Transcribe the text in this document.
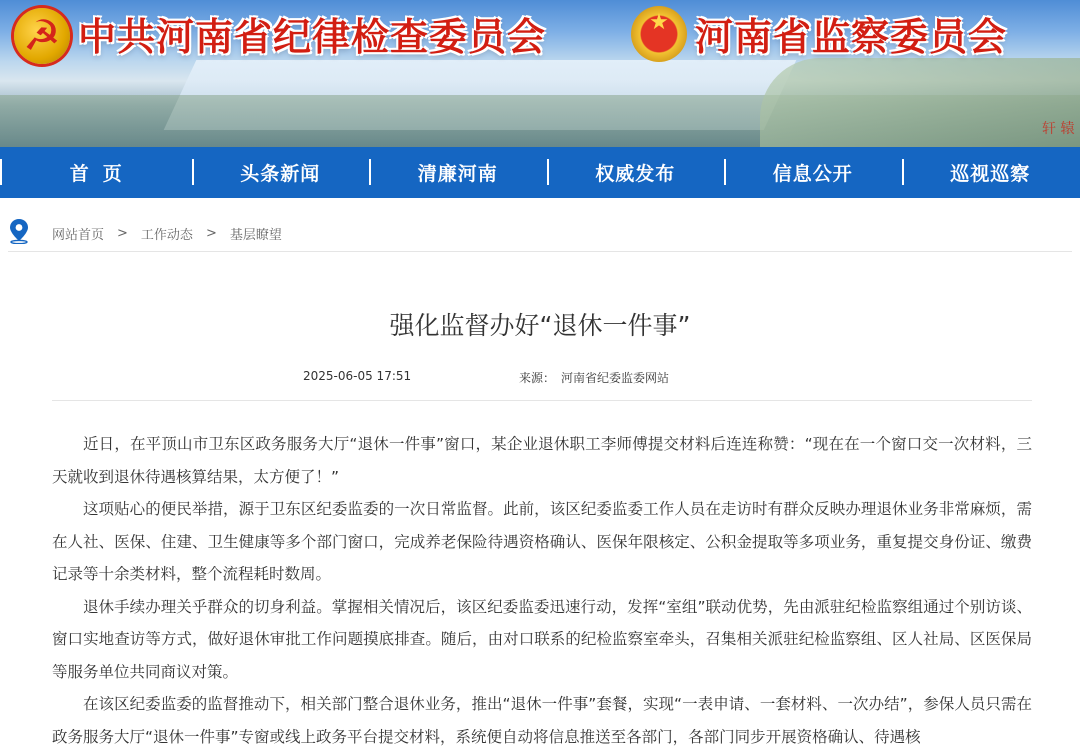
☭
中共河南省纪律检查委员会
★	河南省监察委员会
轩 辕
首页	头条新闻	清廉河南	权威发布	信息公开	巡视巡察
网站首页 > 工作动态 > 基层瞭望
强化监督办好“退休一件事”
2025-06-05 17:51	来源： 河南省纪委监委网站

近日，在平顶山市卫东区政务服务大厅“退休一件事”窗口，某企业退休职工李师傅提交材料后连连称赞：“现在在一个窗口交一次材料，三天就收到退休待遇核算结果，太方便了！”

这项贴心的便民举措，源于卫东区纪委监委的一次日常监督。此前，该区纪委监委工作人员在走访时有群众反映办理退休业务非常麻烦，需在人社、医保、住建、卫生健康等多个部门窗口，完成养老保险待遇资格确认、医保年限核定、公积金提取等多项业务，重复提交身份证、缴费记录等十余类材料，整个流程耗时数周。

退休手续办理关乎群众的切身利益。掌握相关情况后，该区纪委监委迅速行动，发挥“室组”联动优势，先由派驻纪检监察组通过个别访谈、窗口实地查访等方式，做好退休审批工作问题摸底排查。随后，由对口联系的纪检监察室牵头，召集相关派驻纪检监察组、区人社局、区医保局等服务单位共同商议对策。

在该区纪委监委的监督推动下，相关部门整合退休业务，推出“退休一件事”套餐，实现“一表申请、一套材料、一次办结”，参保人员只需在政务服务大厅“退休一件事”专窗或线上政务平台提交材料，系统便自动将信息推送至各部门，各部门同步开展资格确认、待遇核
